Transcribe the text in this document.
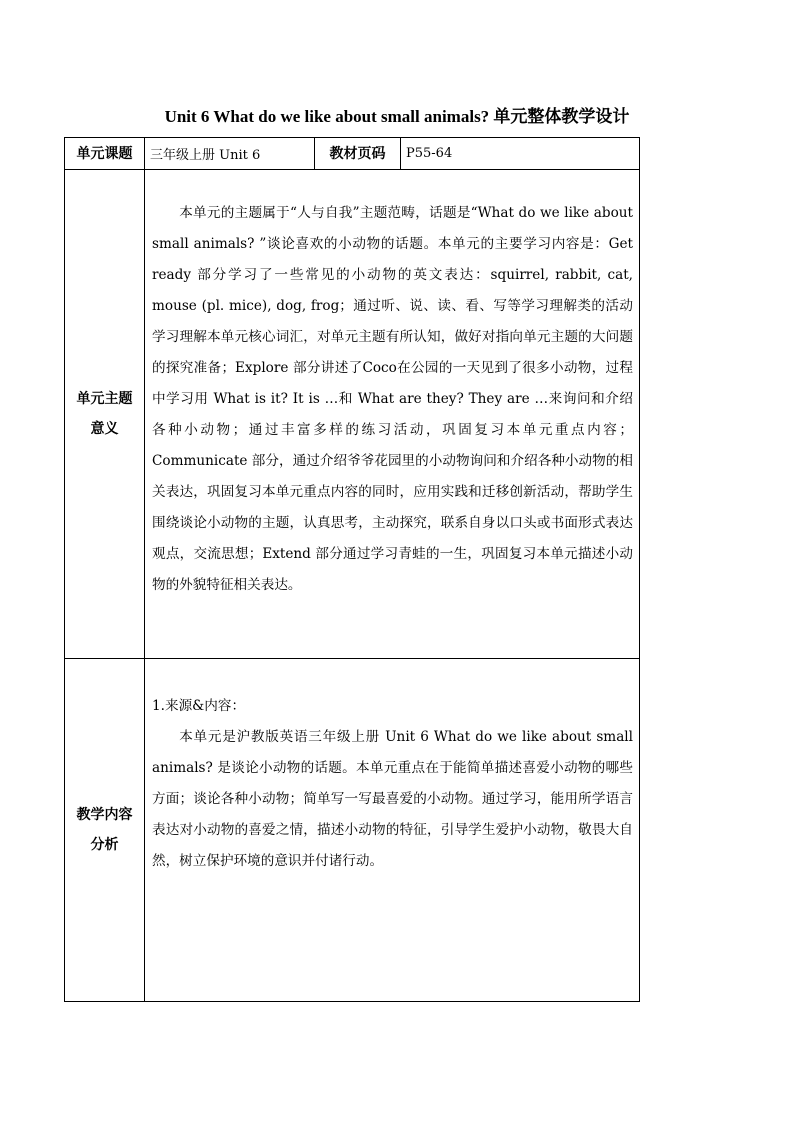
Unit 6 What do we like about small animals? 单元整体教学设计
单元课题	三年级上册 Unit 6	教材页码	P55-64

单元主题意义	本单元的主题属于“人与自我”主题范畴，话题是“What do we like about small animals? ”谈论喜欢的小动物的话题。本单元的主要学习内容是：Get ready 部分学习了一些常见的小动物的英文表达：squirrel, rabbit, cat, mouse (pl. mice), dog, frog；通过听、说、读、看、写等学习理解类的活动学习理解本单元核心词汇，对单元主题有所认知，做好对指向单元主题的大问题的探究准备；Explore 部分讲述了Coco在公园的一天见到了很多小动物，过程中学习用 What is it? It is …和 What are they? They are …来询问和介绍各种小动物；通过丰富多样的练习活动，巩固复习本单元重点内容；Communicate 部分，通过介绍爷爷花园里的小动物询问和介绍各种小动物的相关表达，巩固复习本单元重点内容的同时，应用实践和迁移创新活动，帮助学生围绕谈论小动物的主题，认真思考，主动探究，联系自身以口头或书面形式表达观点，交流思想；Extend 部分通过学习青蛙的一生，巩固复习本单元描述小动物的外貌特征相关表达。		

教学内容分析	1.来源&内容：

本单元是沪教版英语三年级上册 Unit 6 What do we like about small animals? 是谈论小动物的话题。本单元重点在于能简单描述喜爱小动物的哪些方面；谈论各种小动物；简单写一写最喜爱的小动物。通过学习，能用所学语言表达对小动物的喜爱之情，描述小动物的特征，引导学生爱护小动物，敬畏大自然，树立保护环境的意识并付诸行动。		
